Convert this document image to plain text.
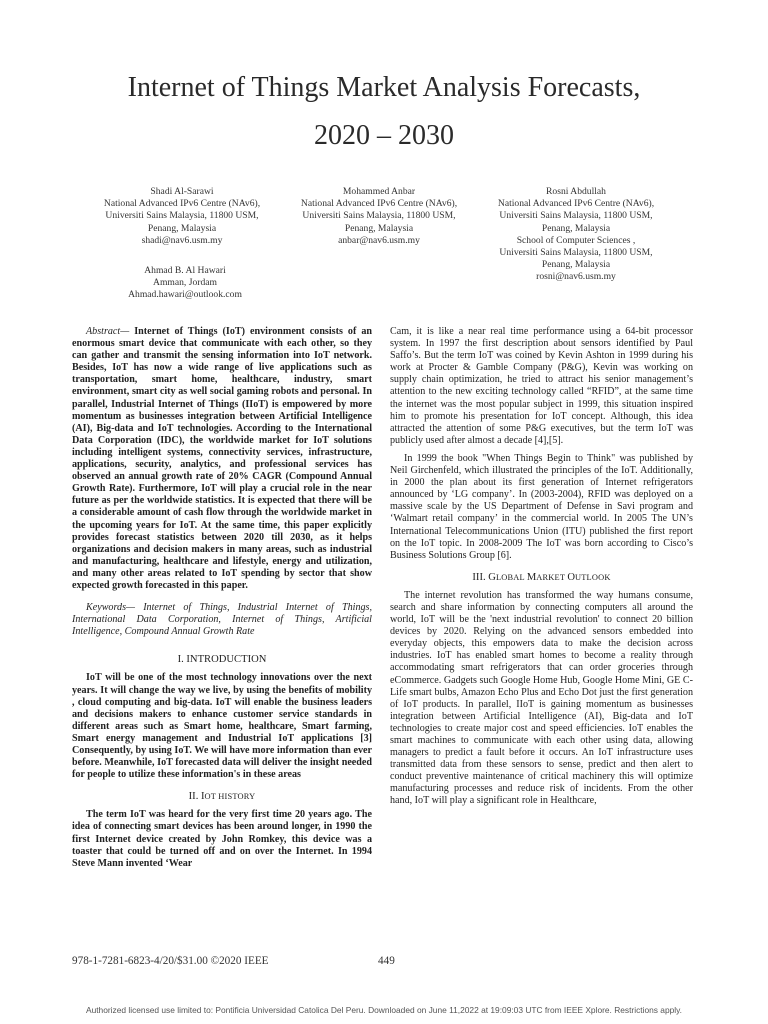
Internet of Things Market Analysis Forecasts,
2020 – 2030
Shadi Al-Sarawi
National Advanced IPv6 Centre (NAv6),
Universiti Sains Malaysia, 11800 USM,
Penang, Malaysia
shadi@nav6.usm.my
Mohammed Anbar
National Advanced IPv6 Centre (NAv6),
Universiti Sains Malaysia, 11800 USM,
Penang, Malaysia
anbar@nav6.usm.my
Rosni Abdullah
National Advanced IPv6 Centre (NAv6),
Universiti Sains Malaysia, 11800 USM,
Penang, Malaysia
School of Computer Sciences ,
Universiti Sains Malaysia, 11800 USM,
Penang, Malaysia
rosni@nav6.usm.my
Ahmad B. Al Hawari
Amman, Jordam
Ahmad.hawari@outlook.com

Abstract— Internet of Things (IoT) environment consists of an enormous smart device that communicate with each other, so they can gather and transmit the sensing information into IoT network. Besides, IoT has now a wide range of live applications such as transportation, smart home, healthcare, industry, smart environment, smart city as well social gaming robots and personal. In parallel, Industrial Internet of Things (IIoT) is empowered by more momentum as businesses integration between Artificial Intelligence (AI), Big-data and IoT technologies. According to the International Data Corporation (IDC), the worldwide market for IoT solutions including intelligent systems, connectivity services, infrastructure, applications, security, analytics, and professional services has observed an annual growth rate of 20% CAGR (Compound Annual Growth Rate). Furthermore, IoT will play a crucial role in the near future as per the worldwide statistics. It is expected that there will be a considerable amount of cash flow through the worldwide market in the upcoming years for IoT. At the same time, this paper explicitly provides forecast statistics between 2020 till 2030, as it helps organizations and decision makers in many areas, such as industrial and manufacturing, healthcare and lifestyle, energy and utilization, and many other areas related to IoT spending by sector that show expected growth forecasted in this paper.

Keywords— Internet of Things, Industrial Internet of Things, International Data Corporation, Internet of Things, Artificial Intelligence, Compound Annual Growth Rate

I. INTRODUCTION

IoT will be one of the most technology innovations over the next years. It will change the way we live, by using the benefits of mobility , cloud computing and big-data. IoT will enable the business leaders and decisions makers to enhance customer service standards in different areas such as Smart home, healthcare, Smart farming, Smart energy management and Industrial IoT applications [3] Consequently, by using IoT. We will have more information than ever before. Meanwhile, IoT forecasted data will deliver the insight needed for people to utilize these information's in these areas

II. IOT HISTORY

The term IoT was heard for the very first time 20 years ago. The idea of connecting smart devices has been around longer, in 1990 the first Internet device created by John Romkey, this device was a toaster that could be turned off and on over the Internet. In 1994 Steve Mann invented ‘Wear

Cam, it is like a near real time performance using a 64-bit processor system. In 1997 the first description about sensors identified by Paul Saffo’s. But the term IoT was coined by Kevin Ashton in 1999 during his work at Procter & Gamble Company (P&G), Kevin was working on supply chain optimization, he tried to attract his senior management’s attention to the new exciting technology called “RFID”, at the same time the internet was the most popular subject in 1999, this situation inspired him to promote his presentation for IoT concept. Although, this idea attracted the attention of some P&G executives, but the term IoT was publicly used after almost a decade [4],[5].

In 1999 the book "When Things Begin to Think" was published by Neil Girchenfeld, which illustrated the principles of the IoT. Additionally, in 2000 the plan about its first generation of Internet refrigerators announced by ‘LG company’. In (2003-2004), RFID was deployed on a massive scale by the US Department of Defense in Savi program and ‘Walmart retail company’ in the commercial world. In 2005 The UN’s International Telecommunications Union (ITU) published the first report on the IoT topic. In 2008-2009 The IoT was born according to Cisco’s Business Solutions Group [6].

III. GLOBAL MARKET OUTLOOK

The internet revolution has transformed the way humans consume, search and share information by connecting computers all around the world, IoT will be the 'next industrial revolution' to connect 20 billion devices by 2020. Relying on the advanced sensors embedded into everyday objects, this empowers data to make the decision across industries. IoT has enabled smart homes to become a reality through accommodating smart refrigerators that can order groceries through eCommerce. Gadgets such Google Home Hub, Google Home Mini, GE C-Life smart bulbs, Amazon Echo Plus and Echo Dot just the first generation of IoT products. In parallel, IIoT is gaining momentum as businesses integration between Artificial Intelligence (AI), Big-data and IoT technologies to create major cost and speed efficiencies. IoT enables the smart machines to communicate with each other using data, allowing managers to predict a fault before it occurs. An IoT infrastructure uses transmitted data from these sensors to sense, predict and then alert to conduct preventive maintenance of critical machinery this will optimize manufacturing processes and reduce risk of incidents. From the other hand, IoT will play a significant role in Healthcare,

978-1-7281-6823-4/20/$31.00 ©2020 IEEE	449
Authorized licensed use limited to: Pontificia Universidad Catolica Del Peru. Downloaded on June 11,2022 at 19:09:03 UTC from IEEE Xplore. Restrictions apply.
